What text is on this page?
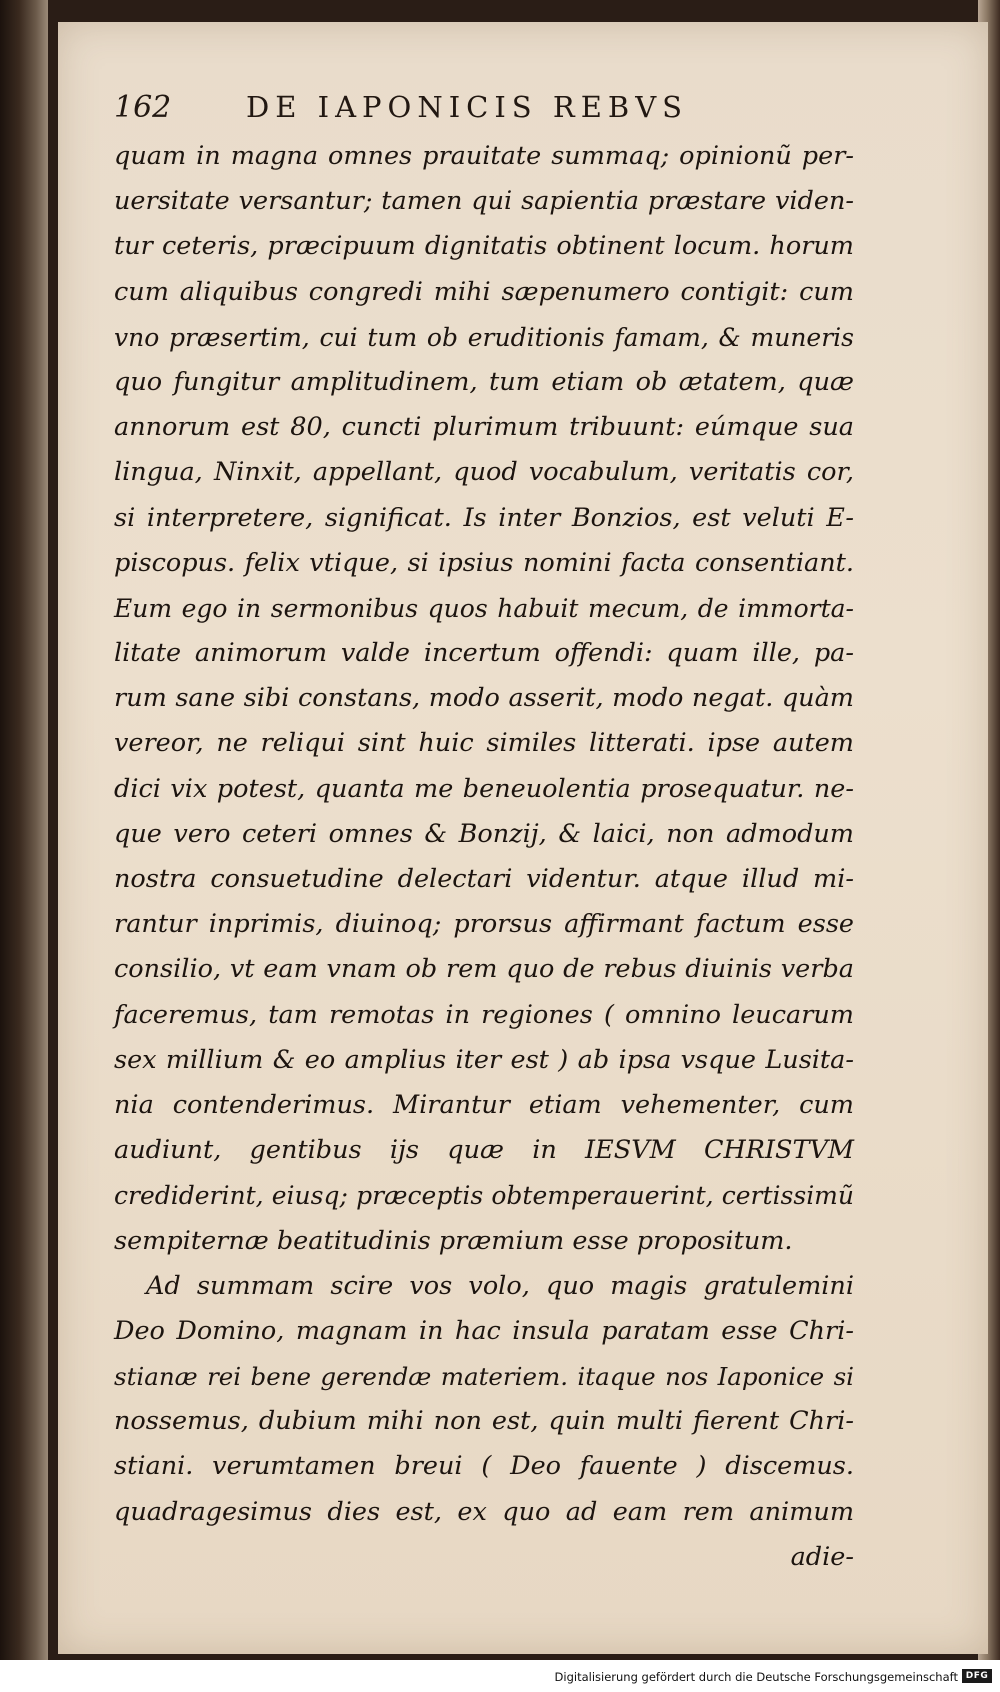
162	DE IAPONICIS REBVS
quam in magna omnes prauitate summaq; opinionũ per-
uersitate versantur; tamen qui sapientia præstare viden-
tur ceteris, præcipuum dignitatis obtinent locum. horum
cum aliquibus congredi mihi sæpenumero contigit: cum
vno præsertim, cui tum ob eruditionis famam, & muneris
quo fungitur amplitudinem, tum etiam ob ætatem, quæ
annorum est 80, cuncti plurimum tribuunt: eúmque sua
lingua, Ninxit, appellant, quod vocabulum, veritatis cor,
si interpretere, significat. Is inter Bonzios, est veluti E-
piscopus. felix vtique, si ipsius nomini facta consentiant.
Eum ego in sermonibus quos habuit mecum, de immorta-
litate animorum valde incertum offendi: quam ille, pa-
rum sane sibi constans, modo asserit, modo negat. quàm
vereor, ne reliqui sint huic similes litterati. ipse autem
dici vix potest, quanta me beneuolentia prosequatur. ne-
que vero ceteri omnes & Bonzij, & laici, non admodum
nostra consuetudine delectari videntur. atque illud mi-
rantur inprimis, diuinoq; prorsus affirmant factum esse
consilio, vt eam vnam ob rem quo de rebus diuinis verba
faceremus, tam remotas in regiones ( omnino leucarum
sex millium & eo amplius iter est ) ab ipsa vsque Lusita-
nia contenderimus. Mirantur etiam vehementer, cum
audiunt, gentibus ijs quæ in IESVM CHRISTVM
crediderint, eiusq; præceptis obtemperauerint, certissimũ
sempiternæ beatitudinis præmium esse propositum.
Ad summam scire vos volo, quo magis gratulemini
Deo Domino, magnam in hac insula paratam esse Chri-
stianæ rei bene gerendæ materiem. itaque nos Iaponice si
nossemus, dubium mihi non est, quin multi fierent Chri-
stiani. verumtamen breui ( Deo fauente ) discemus.
quadragesimus dies est, ex quo ad eam rem animum
adie-
Digitalisierung gefördert durch die Deutsche Forschungsgemeinschaft DFG
